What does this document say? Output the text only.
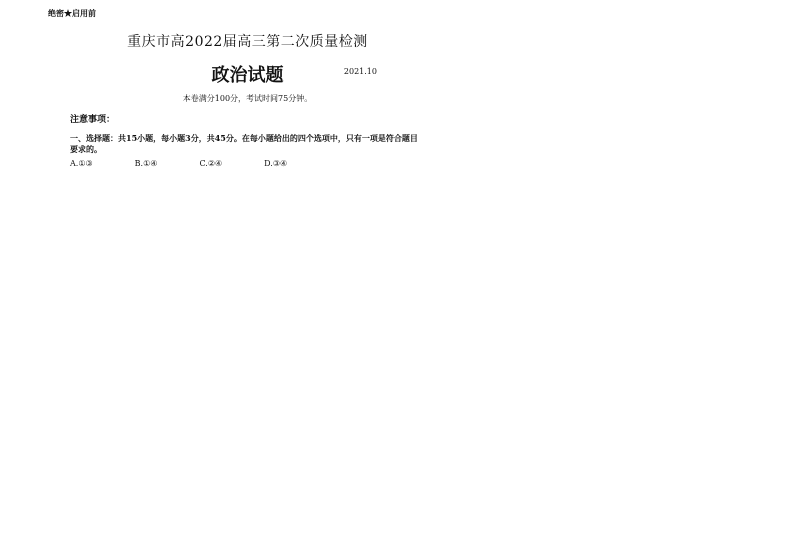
绝密★启用前
重庆市高2022届高三第二次质量检测
政治试题	2021.10
本卷满分100分，考试时间75分钟。
注意事项：
一、选择题：共15小题，每小题3分，共45分。在每小题给出的四个选项中，只有一项是符合题目要求的。
A.①③	B.①④	C.②④	D.③④
